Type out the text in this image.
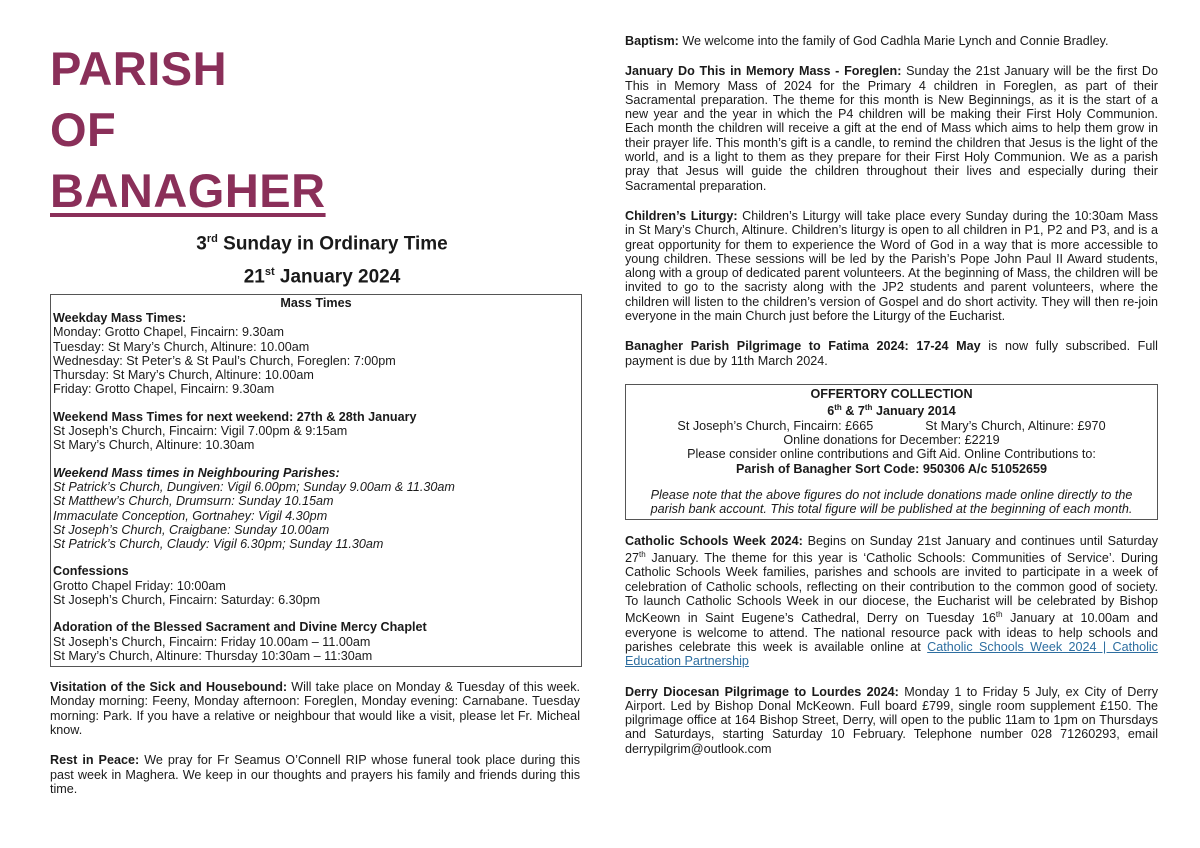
PARISH
OF
BANAGHER
3rd Sunday in Ordinary Time
21st January 2024
Mass Times
Weekday Mass Times:
Monday: Grotto Chapel, Fincairn: 9.30am
Tuesday: St Mary’s Church, Altinure: 10.00am
Wednesday: St Peter’s & St Paul’s Church, Foreglen: 7:00pm
Thursday: St Mary’s Church, Altinure: 10.00am
Friday: Grotto Chapel, Fincairn: 9.30am
Weekend Mass Times for next weekend: 27th & 28th January
St Joseph’s Church, Fincairn: Vigil 7.00pm & 9:15am
St Mary’s Church, Altinure: 10.30am
Weekend Mass times in Neighbouring Parishes:
St Patrick’s Church, Dungiven: Vigil 6.00pm; Sunday 9.00am & 11.30am
St Matthew’s Church, Drumsurn: Sunday 10.15am
Immaculate Conception, Gortnahey: Vigil 4.30pm
St Joseph’s Church, Craigbane: Sunday 10.00am
St Patrick’s Church, Claudy: Vigil 6.30pm; Sunday 11.30am
Confessions
Grotto Chapel Friday: 10:00am
St Joseph’s Church, Fincairn: Saturday: 6.30pm
Adoration of the Blessed Sacrament and Divine Mercy Chaplet
St Joseph’s Church, Fincairn: Friday 10.00am – 11.00am
St Mary’s Church, Altinure: Thursday 10:30am – 11:30am
Visitation of the Sick and Housebound: Will take place on Monday & Tuesday of this week. Monday morning: Feeny, Monday afternoon: Foreglen, Monday evening: Carnabane. Tuesday morning: Park. If you have a relative or neighbour that would like a visit, please let Fr. Micheal know.
Rest in Peace: We pray for Fr Seamus O’Connell RIP whose funeral took place during this past week in Maghera. We keep in our thoughts and prayers his family and friends during this time.
Baptism: We welcome into the family of God Cadhla Marie Lynch and Connie Bradley.
January Do This in Memory Mass - Foreglen: Sunday the 21st January will be the first Do This in Memory Mass of 2024 for the Primary 4 children in Foreglen, as part of their Sacramental preparation. The theme for this month is New Beginnings, as it is the start of a new year and the year in which the P4 children will be making their First Holy Communion. Each month the children will receive a gift at the end of Mass which aims to help them grow in their prayer life. This month’s gift is a candle, to remind the children that Jesus is the light of the world, and is a light to them as they prepare for their First Holy Communion. We as a parish pray that Jesus will guide the children throughout their lives and especially during their Sacramental preparation.
Children’s Liturgy: Children’s Liturgy will take place every Sunday during the 10:30am Mass in St Mary’s Church, Altinure. Children’s liturgy is open to all children in P1, P2 and P3, and is a great opportunity for them to experience the Word of God in a way that is more accessible to young children. These sessions will be led by the Parish’s Pope John Paul II Award students, along with a group of dedicated parent volunteers. At the beginning of Mass, the children will be invited to go to the sacristy along with the JP2 students and parent volunteers, where the children will listen to the children’s version of Gospel and do short activity. They will then re-join everyone in the main Church just before the Liturgy of the Eucharist.
Banagher Parish Pilgrimage to Fatima 2024: 17-24 May is now fully subscribed. Full payment is due by 11th March 2024.
OFFERTORY COLLECTION
6th & 7th January 2014
St Joseph’s Church, Fincairn: £665	St Mary’s Church, Altinure: £970
Online donations for December: £2219
Please consider online contributions and Gift Aid. Online Contributions to:
Parish of Banagher Sort Code: 950306 A/c 51052659
Please note that the above figures do not include donations made online directly to the parish bank account. This total figure will be published at the beginning of each month.
Catholic Schools Week 2024: Begins on Sunday 21st January and continues until Saturday 27th January. The theme for this year is ‘Catholic Schools: Communities of Service’. During Catholic Schools Week families, parishes and schools are invited to participate in a week of celebration of Catholic schools, reflecting on their contribution to the common good of society. To launch Catholic Schools Week in our diocese, the Eucharist will be celebrated by Bishop McKeown in Saint Eugene’s Cathedral, Derry on Tuesday 16th January at 10.00am and everyone is welcome to attend. The national resource pack with ideas to help schools and parishes celebrate this week is available online at Catholic Schools Week 2024 | Catholic Education Partnership
Derry Diocesan Pilgrimage to Lourdes 2024: Monday 1 to Friday 5 July, ex City of Derry Airport. Led by Bishop Donal McKeown. Full board £799, single room supplement £150. The pilgrimage office at 164 Bishop Street, Derry, will open to the public 11am to 1pm on Thursdays and Saturdays, starting Saturday 10 February. Telephone number 028 71260293, email derrypilgrim@outlook.com
